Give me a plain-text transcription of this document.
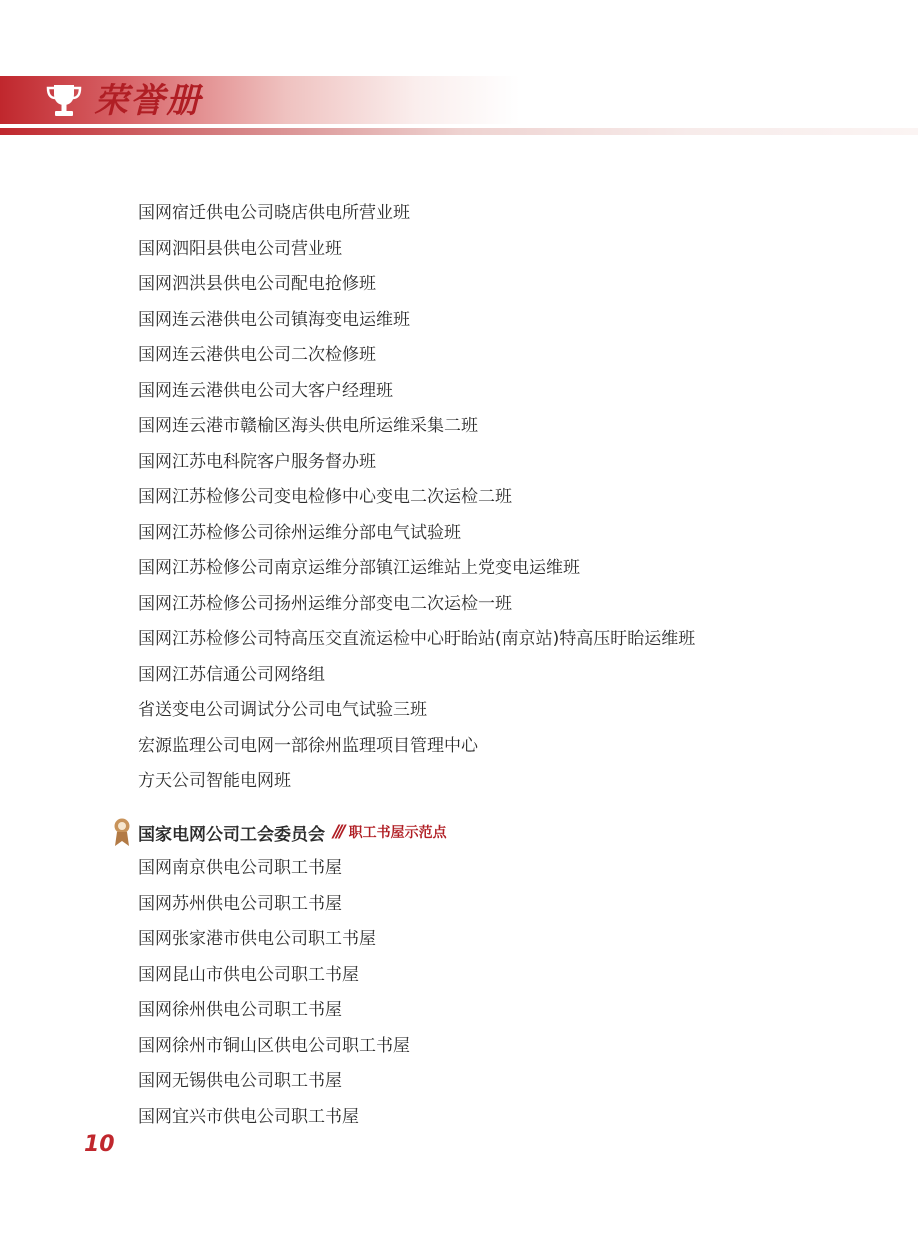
荣誉册
国网宿迁供电公司晓店供电所营业班
国网泗阳县供电公司营业班
国网泗洪县供电公司配电抢修班
国网连云港供电公司镇海变电运维班
国网连云港供电公司二次检修班
国网连云港供电公司大客户经理班
国网连云港市赣榆区海头供电所运维采集二班
国网江苏电科院客户服务督办班
国网江苏检修公司变电检修中心变电二次运检二班
国网江苏检修公司徐州运维分部电气试验班
国网江苏检修公司南京运维分部镇江运维站上党变电运维班
国网江苏检修公司扬州运维分部变电二次运检一班
国网江苏检修公司特高压交直流运检中心盱眙站(南京站)特高压盱眙运维班
国网江苏信通公司网络组
省送变电公司调试分公司电气试验三班
宏源监理公司电网一部徐州监理项目管理中心
方天公司智能电网班
国家电网公司工会委员会 /// 职工书屋示范点
国网南京供电公司职工书屋
国网苏州供电公司职工书屋
国网张家港市供电公司职工书屋
国网昆山市供电公司职工书屋
国网徐州供电公司职工书屋
国网徐州市铜山区供电公司职工书屋
国网无锡供电公司职工书屋
国网宜兴市供电公司职工书屋
10
